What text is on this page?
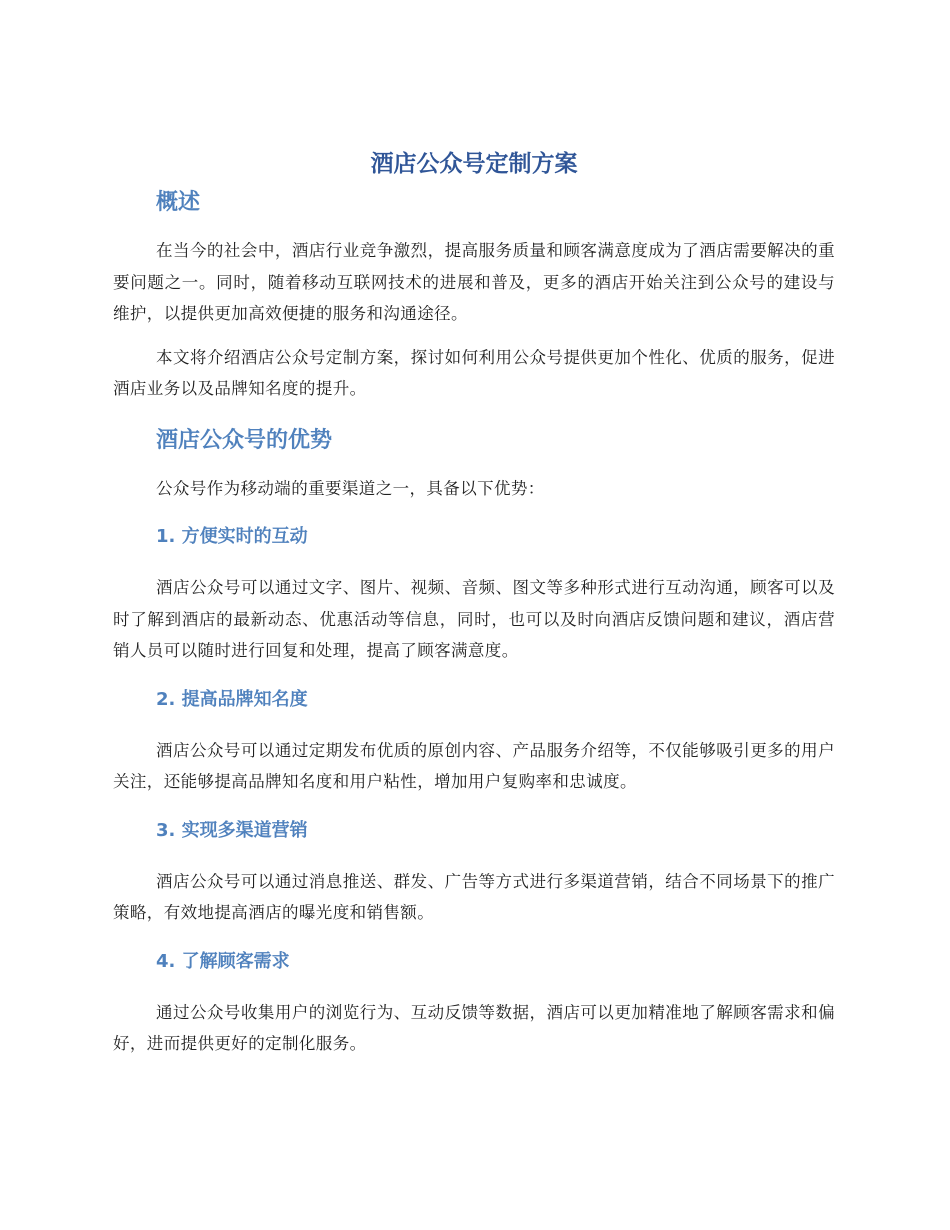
酒店公众号定制方案
概述

在当今的社会中，酒店行业竞争激烈，提高服务质量和顾客满意度成为了酒店需要解决的重要问题之一。同时，随着移动互联网技术的进展和普及，更多的酒店开始关注到公众号的建设与维护，以提供更加高效便捷的服务和沟通途径。

本文将介绍酒店公众号定制方案，探讨如何利用公众号提供更加个性化、优质的服务，促进酒店业务以及品牌知名度的提升。

酒店公众号的优势

公众号作为移动端的重要渠道之一，具备以下优势：

1. 方便实时的互动

酒店公众号可以通过文字、图片、视频、音频、图文等多种形式进行互动沟通，顾客可以及时了解到酒店的最新动态、优惠活动等信息，同时，也可以及时向酒店反馈问题和建议，酒店营销人员可以随时进行回复和处理，提高了顾客满意度。

2. 提高品牌知名度

酒店公众号可以通过定期发布优质的原创内容、产品服务介绍等，不仅能够吸引更多的用户关注，还能够提高品牌知名度和用户粘性，增加用户复购率和忠诚度。

3. 实现多渠道营销

酒店公众号可以通过消息推送、群发、广告等方式进行多渠道营销，结合不同场景下的推广策略，有效地提高酒店的曝光度和销售额。

4. 了解顾客需求

通过公众号收集用户的浏览行为、互动反馈等数据，酒店可以更加精准地了解顾客需求和偏好，进而提供更好的定制化服务。
